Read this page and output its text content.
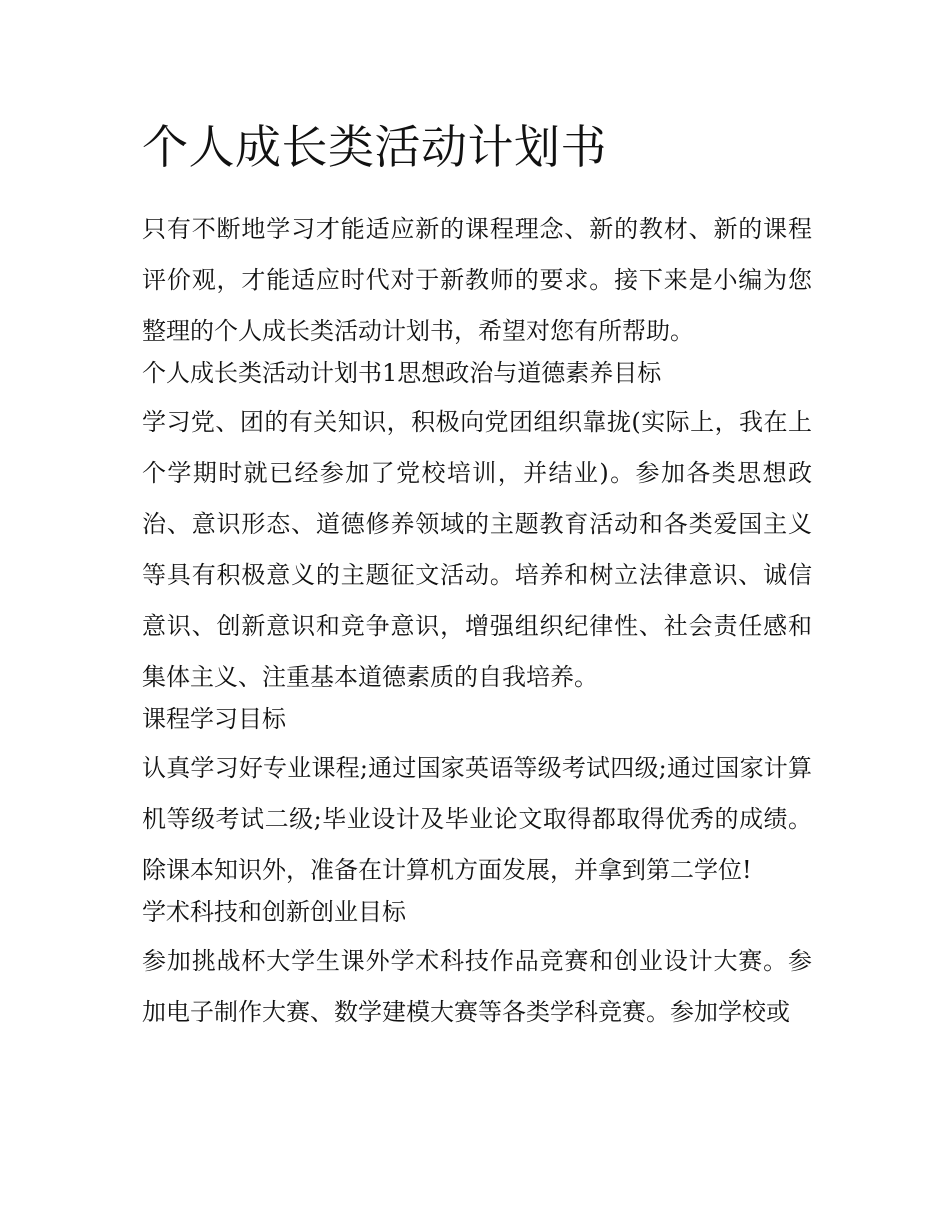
个人成长类活动计划书

只有不断地学习才能适应新的课程理念、新的教材、新的课程评价观，才能适应时代对于新教师的要求。接下来是小编为您整理的个人成长类活动计划书，希望对您有所帮助。

个人成长类活动计划书1思想政治与道德素养目标

学习党、团的有关知识，积极向党团组织靠拢(实际上，我在上个学期时就已经参加了党校培训，并结业)。参加各类思想政治、意识形态、道德修养领域的主题教育活动和各类爱国主义等具有积极意义的主题征文活动。培养和树立法律意识、诚信意识、创新意识和竞争意识，增强组织纪律性、社会责任感和集体主义、注重基本道德素质的自我培养。

课程学习目标

认真学习好专业课程;通过国家英语等级考试四级;通过国家计算机等级考试二级;毕业设计及毕业论文取得都取得优秀的成绩。除课本知识外，准备在计算机方面发展，并拿到第二学位!

学术科技和创新创业目标

参加挑战杯大学生课外学术科技作品竞赛和创业设计大赛。参加电子制作大赛、数学建模大赛等各类学科竞赛。参加学校或
